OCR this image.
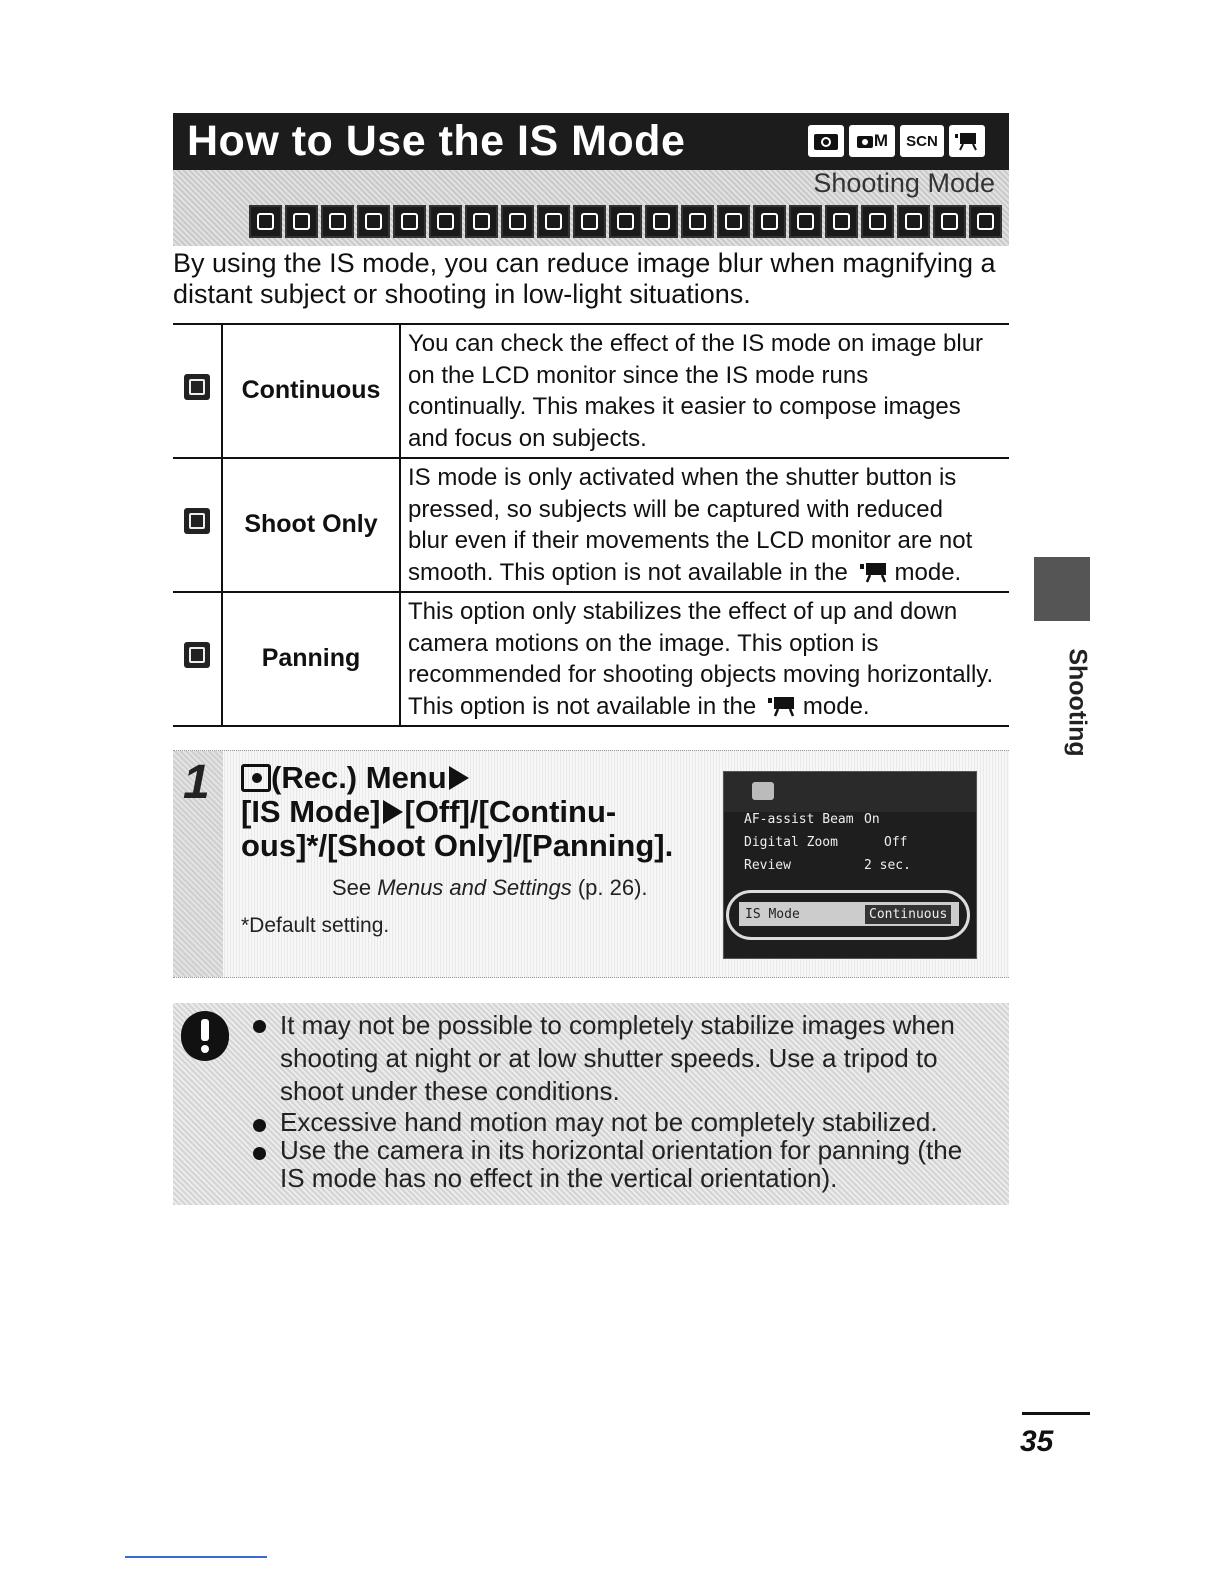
How to Use the IS Mode	M	SCN
Shooting Mode
By using the IS mode, you can reduce image blur when magnifying a distant subject or shooting in low-light situations.
	Continuous	You can check the effect of the IS mode on image blur
on the LCD monitor since the IS mode runs
continually. This makes it easier to compose images
and focus on subjects.

	Shoot Only	IS mode is only activated when the shutter button is
pressed, so subjects will be captured with reduced
blur even if their movements the LCD monitor are not
smooth. This option is not available in the mode.

	Panning	This option only stabilizes the effect of up and down
camera motions on the image. This option is
recommended for shooting objects moving horizontally.
This option is not available in the mode.
1	(Rec.) Menu
[IS Mode] [Off]/[Continu-
ous]*/[Shoot Only]/[Panning].
See Menus and Settings (p. 26).
*Default setting.
AF-assist Beam On
Digital Zoom	Off
Review	2 sec.
IS Mode	Continuous
It may not be possible to completely stabilize images when shooting at night or at low shutter speeds. Use a tripod to shoot under these conditions.
Excessive hand motion may not be completely stabilized.
Use the camera in its horizontal orientation for panning (the IS mode has no effect in the vertical orientation).
Shooting
35
